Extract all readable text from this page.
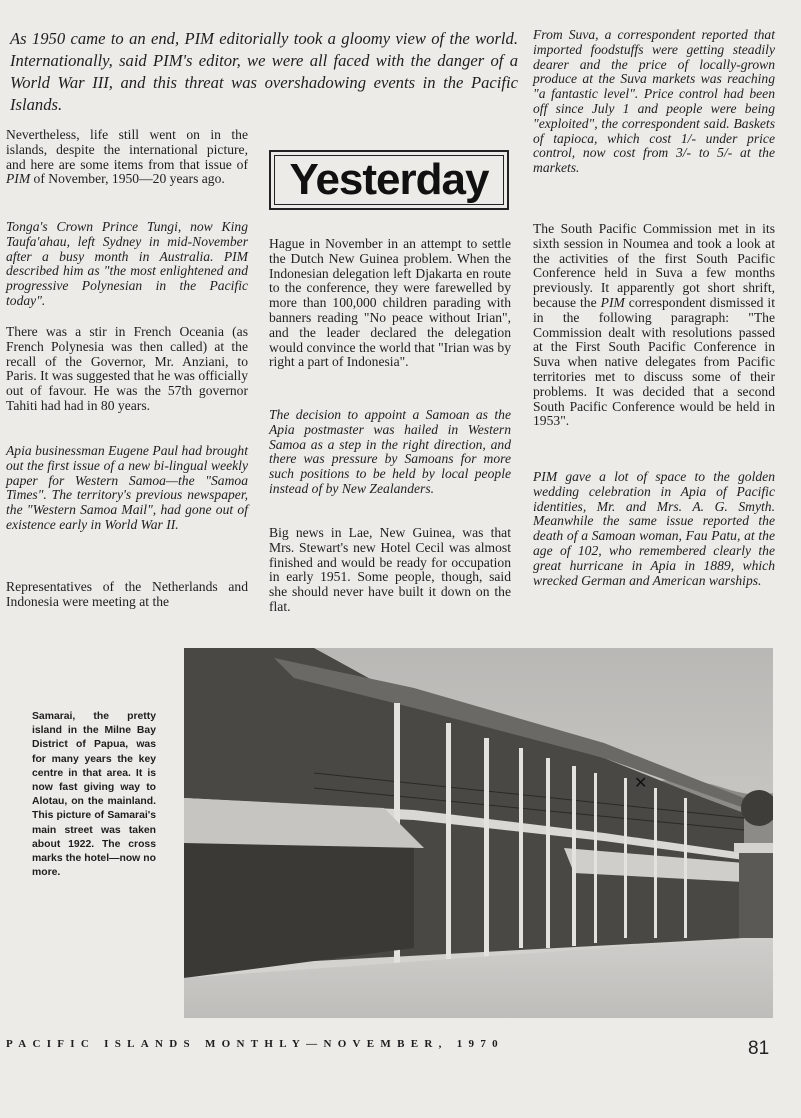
As 1950 came to an end, PIM editorially took a gloomy view of the world. Internationally, said PIM's editor, we were all faced with the danger of a World War III, and this threat was overshadowing events in the Pacific Islands.

Nevertheless, life still went on in the islands, despite the international picture, and here are some items from that issue of PIM of November, 1950—20 years ago.

Tonga's Crown Prince Tungi, now King Taufa'ahau, left Sydney in mid-November after a busy month in Australia. PIM described him as "the most enlightened and progressive Polynesian in the Pacific today".
There was a stir in French Oceania (as French Polynesia was then called) at the recall of the Governor, Mr. Anziani, to Paris. It was suggested that he was officially out of favour. He was the 57th governor Tahiti had had in 80 years.
Apia businessman Eugene Paul had brought out the first issue of a new bi-lingual weekly paper for Western Samoa—the "Samoa Times". The territory's previous newspaper, the "Western Samoa Mail", had gone out of existence early in World War II.
Representatives of the Netherlands and Indonesia were meeting at the
Yesterday
Hague in November in an attempt to settle the Dutch New Guinea problem. When the Indonesian delegation left Djakarta en route to the conference, they were farewelled by more than 100,000 children parading with banners reading "No peace without Irian", and the leader declared the delegation would convince the world that "Irian was by right a part of Indonesia".
The decision to appoint a Samoan as the Apia postmaster was hailed in Western Samoa as a step in the right direction, and there was pressure by Samoans for more such positions to be held by local people instead of by New Zealanders.
Big news in Lae, New Guinea, was that Mrs. Stewart's new Hotel Cecil was almost finished and would be ready for occupation in early 1951. Some people, though, said she should never have built it down on the flat.
From Suva, a correspondent reported that imported foodstuffs were getting steadily dearer and the price of locally-grown produce at the Suva markets was reaching "a fantastic level". Price control had been off since July 1 and people were being "exploited", the correspondent said. Baskets of tapioca, which cost 1/- under price control, now cost from 3/- to 5/- at the markets.
The South Pacific Commission met in its sixth session in Noumea and took a look at the activities of the first South Pacific Conference held in Suva a few months previously. It apparently got short shrift, because the PIM correspondent dismissed it in the following paragraph: "The Commission dealt with resolutions passed at the First South Pacific Conference in Suva when native delegates from Pacific territories met to discuss some of their problems. It was decided that a second South Pacific Conference would be held in 1953".
PIM gave a lot of space to the golden wedding celebration in Apia of Pacific identities, Mr. and Mrs. A. G. Smyth. Meanwhile the same issue reported the death of a Samoan woman, Fau Patu, at the age of 102, who remembered clearly the great hurricane in Apia in 1889, which wrecked German and American warships.
Samarai, the pretty island in the Milne Bay District of Papua, was for many years the key centre in that area. It is now fast giving way to Alotau, on the mainland. This picture of Samarai's main street was taken about 1922. The cross marks the hotel—now no more.
✕
PACIFIC ISLANDS MONTHLY—NOVEMBER, 1970	81
